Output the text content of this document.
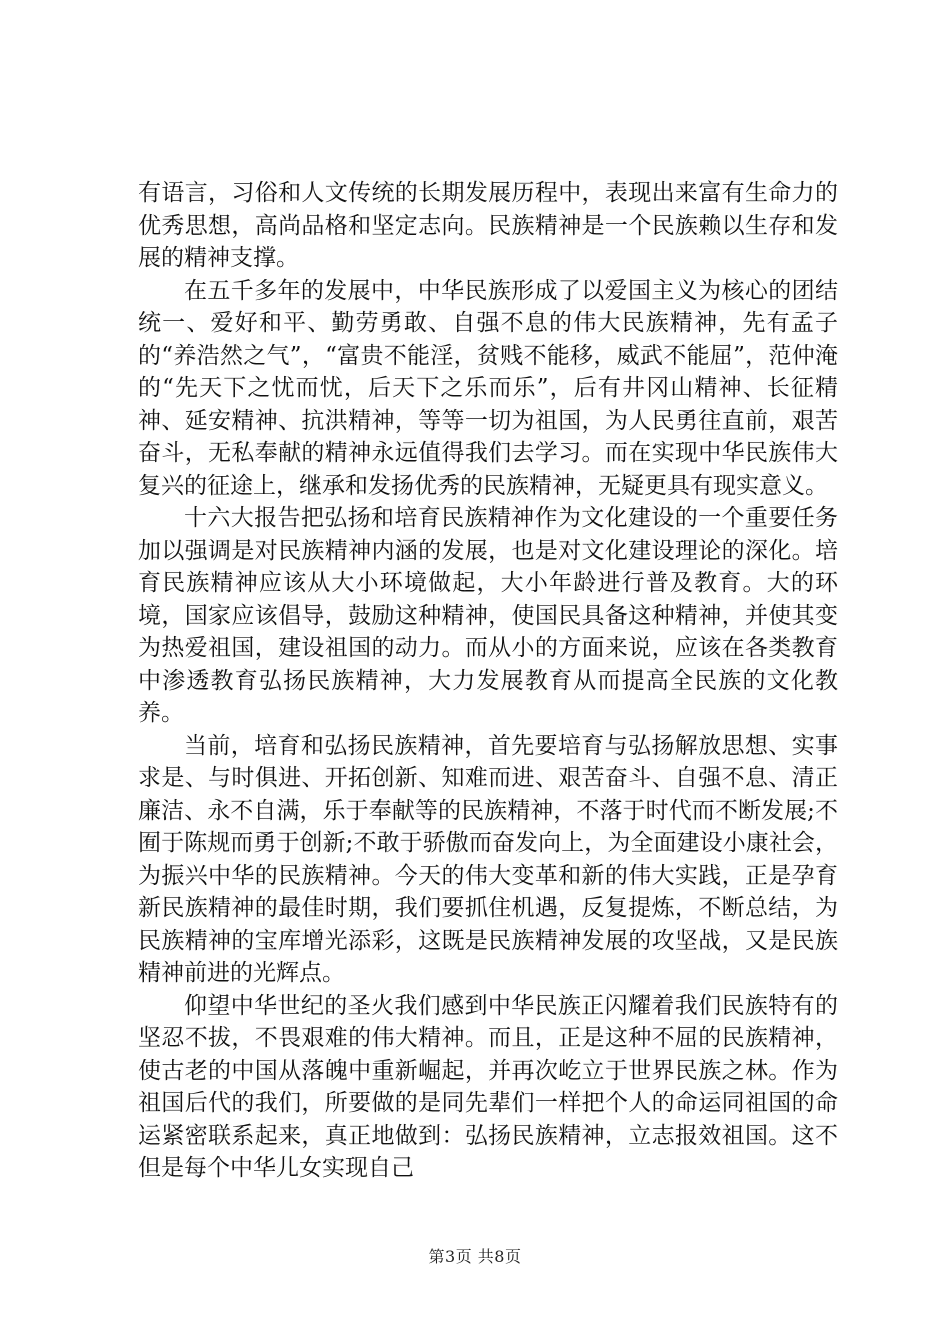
有语言，习俗和人文传统的长期发展历程中，表现出来富有生命力的优秀思想，高尚品格和坚定志向。民族精神是一个民族赖以生存和发展的精神支撑。

在五千多年的发展中，中华民族形成了以爱国主义为核心的团结统一、爱好和平、勤劳勇敢、自强不息的伟大民族精神，先有孟子的“养浩然之气”，“富贵不能淫，贫贱不能移，威武不能屈”，范仲淹的“先天下之忧而忧，后天下之乐而乐”，后有井冈山精神、长征精神、延安精神、抗洪精神，等等一切为祖国，为人民勇往直前，艰苦奋斗，无私奉献的精神永远值得我们去学习。而在实现中华民族伟大复兴的征途上，继承和发扬优秀的民族精神，无疑更具有现实意义。

十六大报告把弘扬和培育民族精神作为文化建设的一个重要任务加以强调是对民族精神内涵的发展，也是对文化建设理论的深化。培育民族精神应该从大小环境做起，大小年龄进行普及教育。大的环境，国家应该倡导，鼓励这种精神，使国民具备这种精神，并使其变为热爱祖国，建设祖国的动力。而从小的方面来说，应该在各类教育中渗透教育弘扬民族精神，大力发展教育从而提高全民族的文化教养。

当前，培育和弘扬民族精神，首先要培育与弘扬解放思想、实事求是、与时俱进、开拓创新、知难而进、艰苦奋斗、自强不息、清正廉洁、永不自满，乐于奉献等的民族精神，不落于时代而不断发展;不囿于陈规而勇于创新;不敢于骄傲而奋发向上，为全面建设小康社会，为振兴中华的民族精神。今天的伟大变革和新的伟大实践，正是孕育新民族精神的最佳时期，我们要抓住机遇，反复提炼，不断总结，为民族精神的宝库增光添彩，这既是民族精神发展的攻坚战，又是民族精神前进的光辉点。

仰望中华世纪的圣火我们感到中华民族正闪耀着我们民族特有的坚忍不拔，不畏艰难的伟大精神。而且，正是这种不屈的民族精神，使古老的中国从落魄中重新崛起，并再次屹立于世界民族之林。作为祖国后代的我们，所要做的是同先辈们一样把个人的命运同祖国的命运紧密联系起来，真正地做到：弘扬民族精神，立志报效祖国。这不但是每个中华儿女实现自己

第3页 共8页
